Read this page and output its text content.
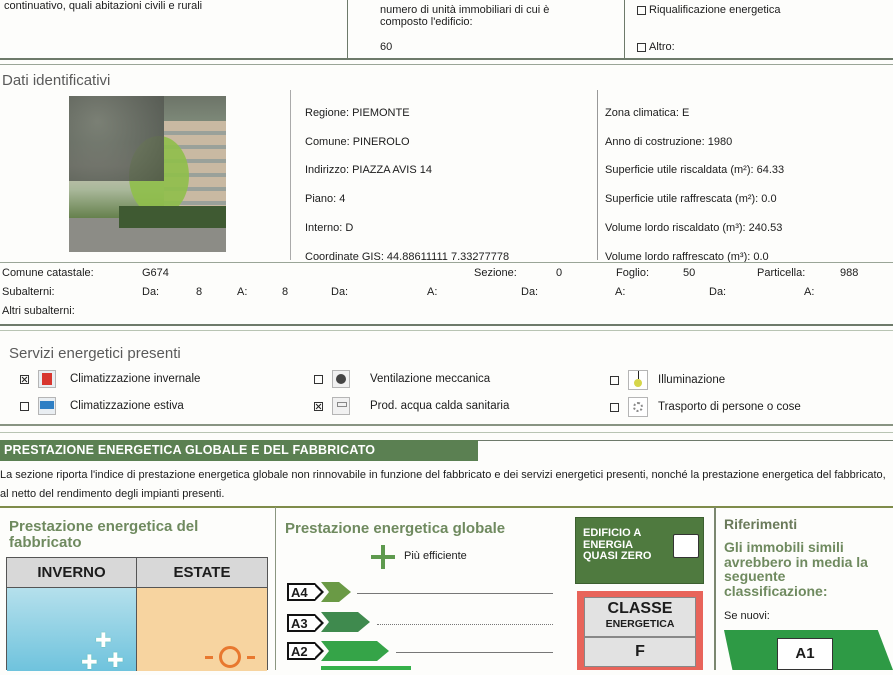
continuativo, quali abitazioni civili e rurali	numero di unità immobiliari di cui è composto l'edificio:
60
Riqualificazione energetica
Altro:
Dati identificativi
Regione: PIEMONTE
Comune: PINEROLO
Indirizzo: PIAZZA AVIS 14
Piano: 4
Interno: D
Coordinate GIS: 44.88611111 7.33277778
Zona climatica: E
Anno di costruzione: 1980
Superficie utile riscaldata (m²): 64.33
Superficie utile raffrescata (m²): 0.0
Volume lordo riscaldato (m³): 240.53
Volume lordo raffrescato (m³): 0.0
Comune catastale:	G674	Sezione:	0	Foglio:	50	Particella:	988
Subalterni:	Da:	8	A:	8	Da:	A:	Da:	A:	Da:	A:
Altri subalterni:
Servizi energetici presenti
Climatizzazione invernale
Climatizzazione estiva
Ventilazione meccanica
Prod. acqua calda sanitaria
Illuminazione
Trasporto di persone o cose
PRESTAZIONE ENERGETICA GLOBALE E DEL FABBRICATO
La sezione riporta l'indice di prestazione energetica globale non rinnovabile in funzione del fabbricato e dei servizi energetici presenti, nonché la prestazione energetica del fabbricato, al netto del rendimento degli impianti presenti.
Prestazione energetica del fabbricato
INVERNO	ESTATE
✚
✚ ✚
Prestazione energetica globale
Più efficiente
A4
A3
A2
EDIFICIO A ENERGIA QUASI ZERO
CLASSE
ENERGETICA
F
Riferimenti
Gli immobili simili avrebbero in media la seguente classificazione:
Se nuovi:
A1
